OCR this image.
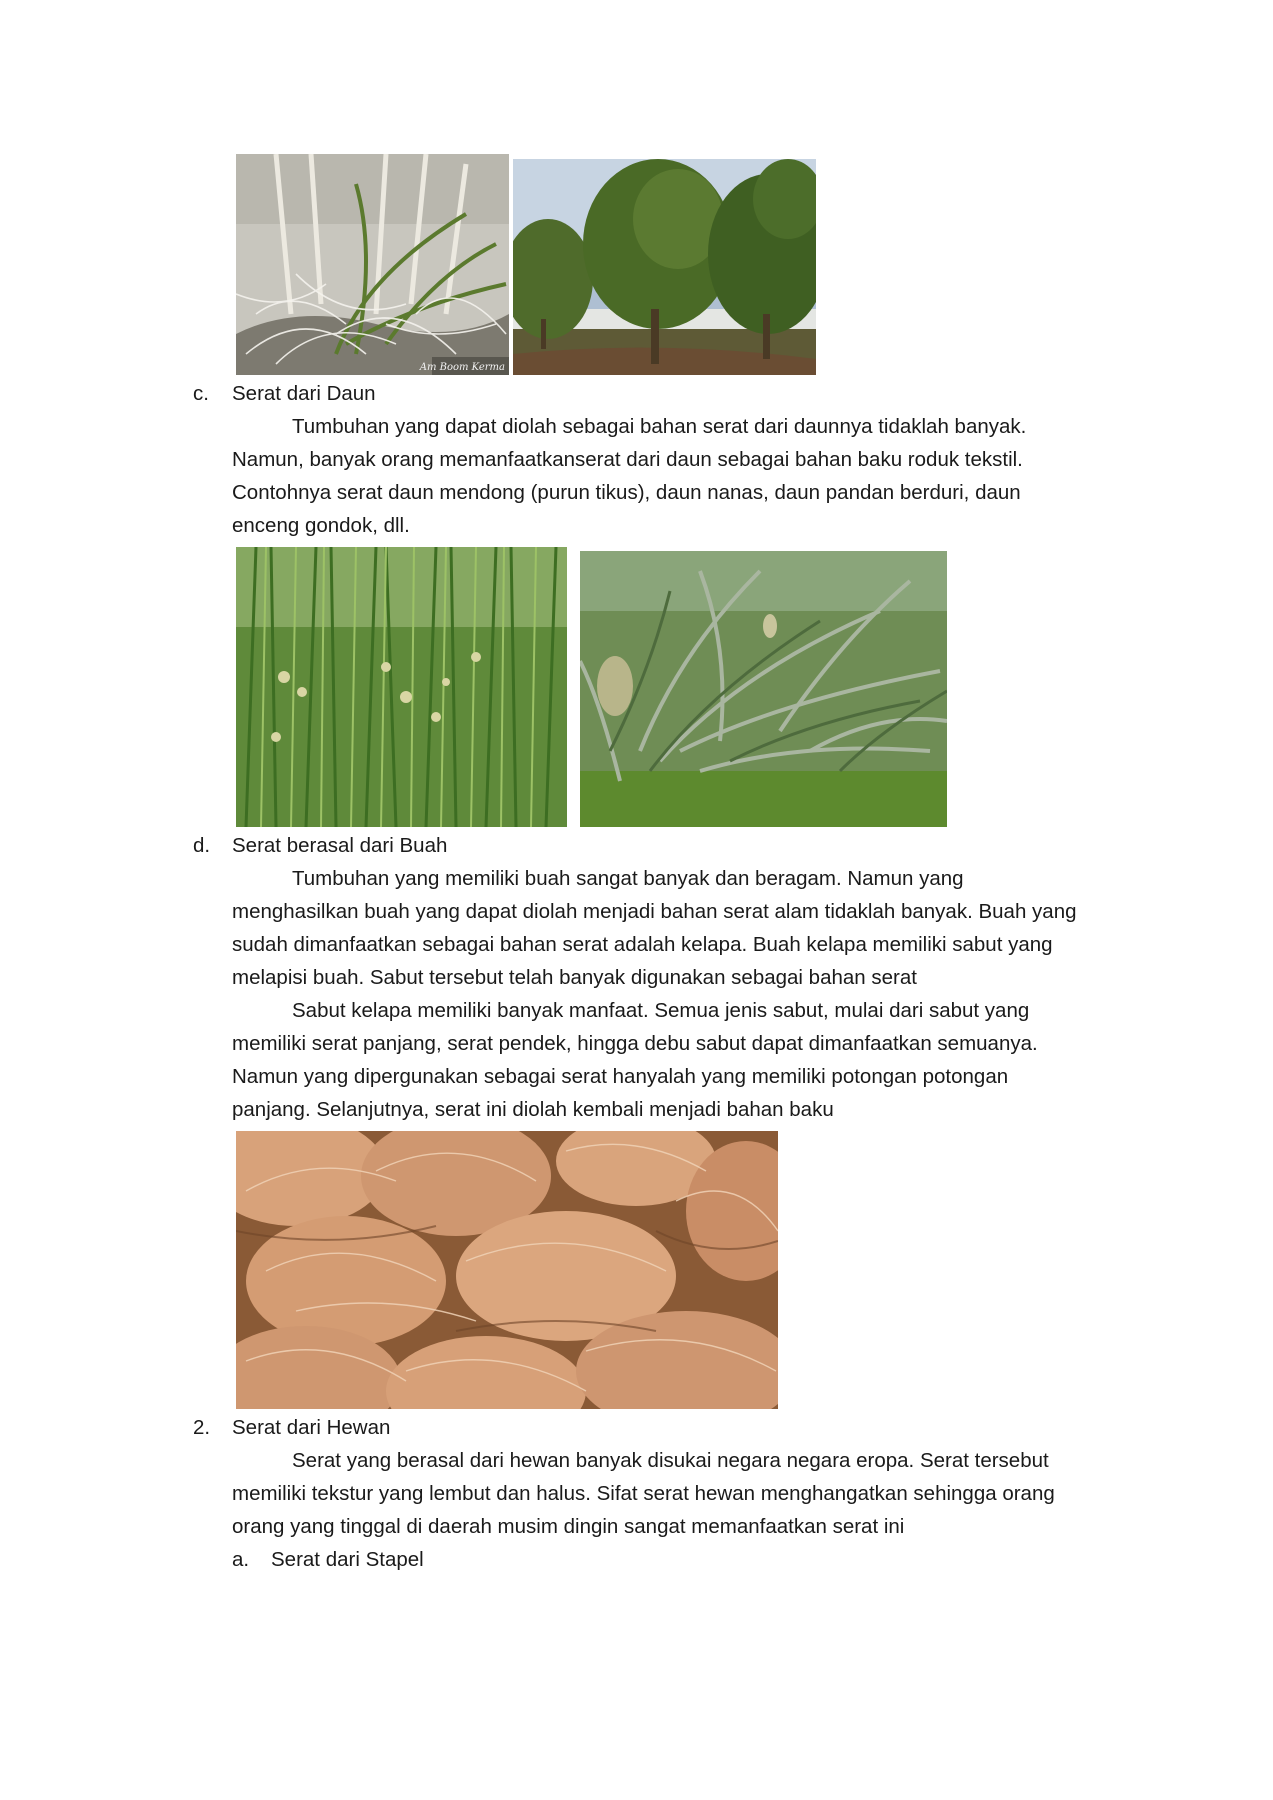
Am Boom Kerma
c. Serat dari Daun
Tumbuhan yang dapat diolah sebagai bahan serat dari daunnya tidaklah banyak.
Namun, banyak orang memanfaatkanserat dari daun sebagai bahan baku roduk tekstil.
Contohnya serat daun mendong (purun tikus), daun nanas, daun pandan berduri, daun
enceng gondok, dll.
d. Serat berasal dari Buah
Tumbuhan yang memiliki buah sangat banyak dan beragam. Namun yang
menghasilkan buah yang dapat diolah menjadi bahan serat alam tidaklah banyak. Buah yang
sudah dimanfaatkan sebagai bahan serat adalah kelapa. Buah kelapa memiliki sabut yang
melapisi buah. Sabut tersebut telah banyak digunakan sebagai bahan serat
Sabut kelapa memiliki banyak manfaat. Semua jenis sabut, mulai dari sabut yang
memiliki serat panjang, serat pendek, hingga debu sabut dapat dimanfaatkan semuanya.
Namun yang dipergunakan sebagai serat hanyalah yang memiliki potongan potongan
panjang. Selanjutnya, serat ini diolah kembali menjadi bahan baku
2. Serat dari Hewan
Serat yang berasal dari hewan banyak disukai negara negara eropa. Serat tersebut
memiliki tekstur yang lembut dan halus. Sifat serat hewan menghangatkan sehingga orang
orang yang tinggal di daerah musim dingin sangat memanfaatkan serat ini
a. Serat dari Stapel
